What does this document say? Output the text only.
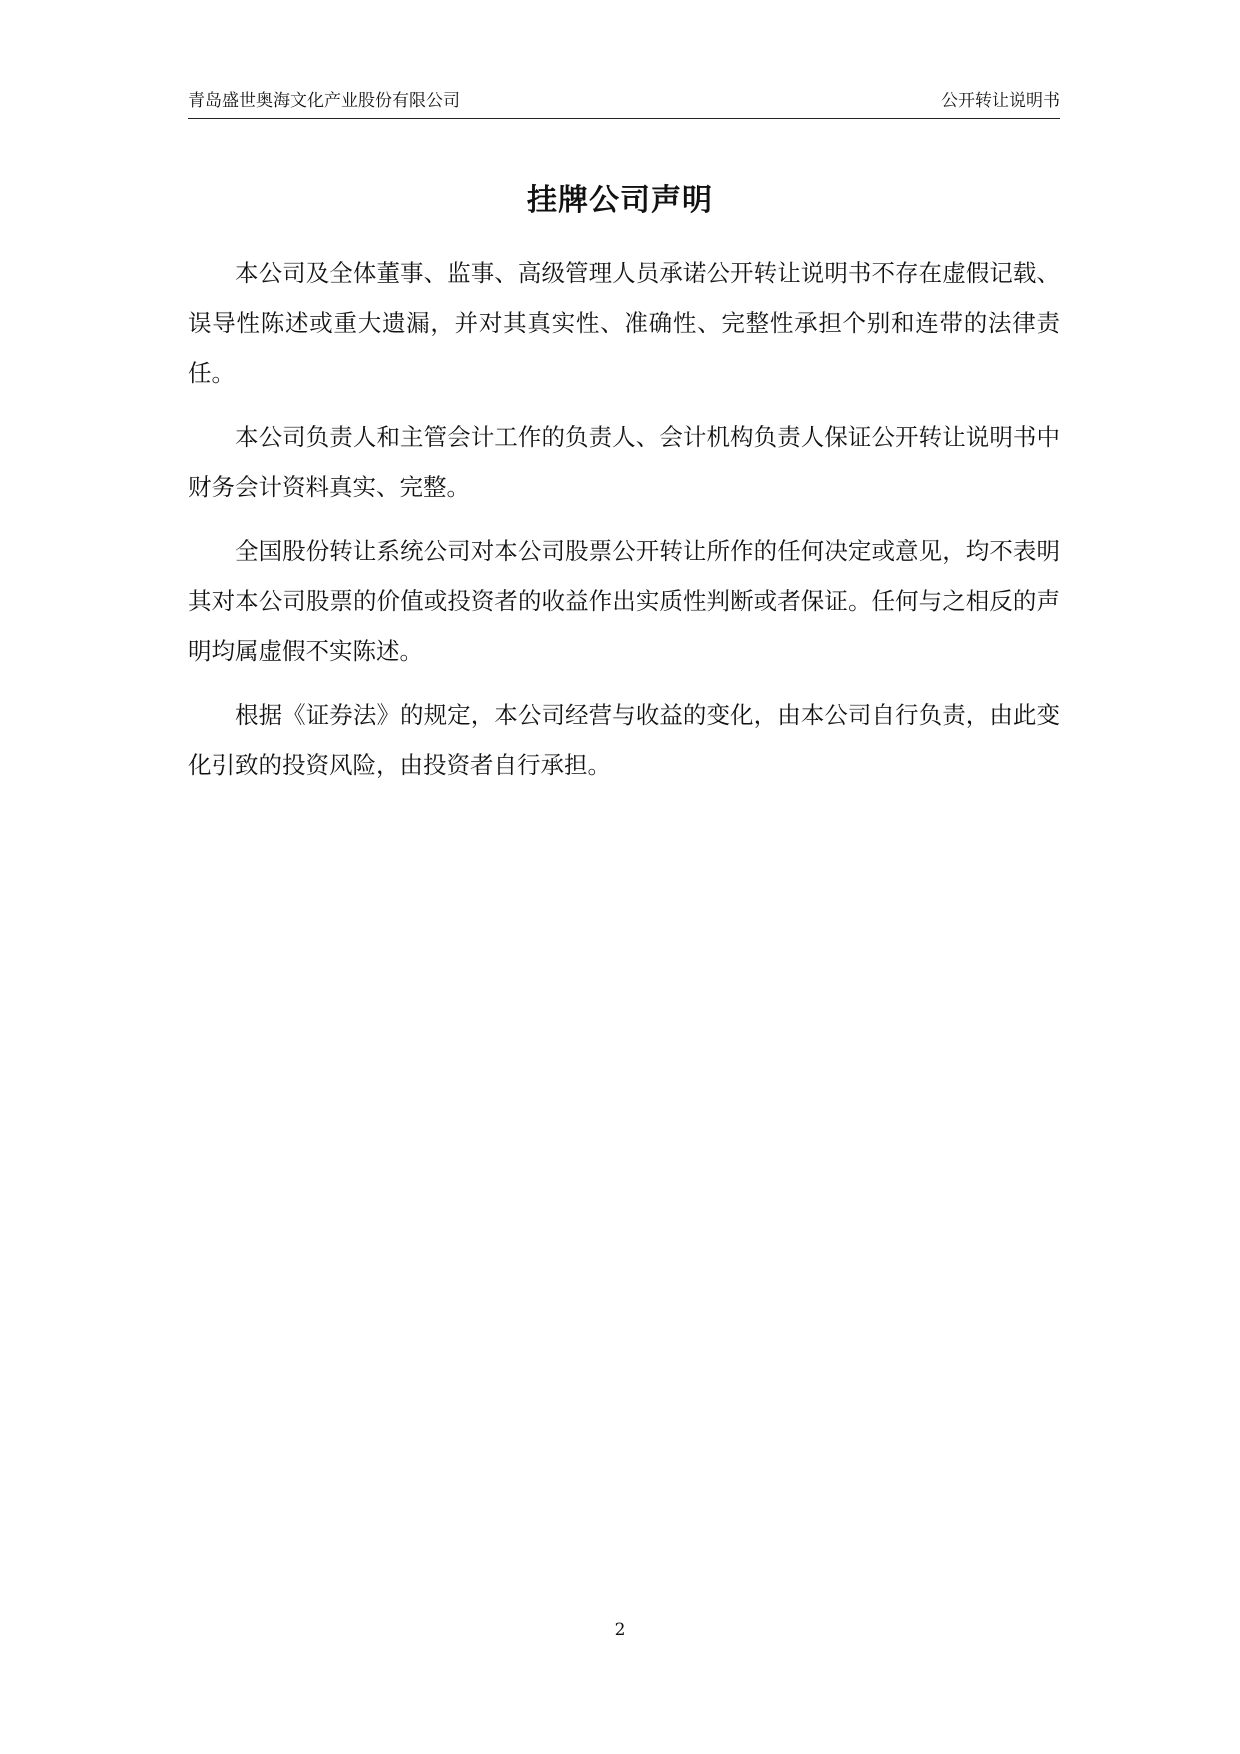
青岛盛世奥海文化产业股份有限公司	公开转让说明书
挂牌公司声明

本公司及全体董事、监事、高级管理人员承诺公开转让说明书不存在虚假记载、误导性陈述或重大遗漏，并对其真实性、准确性、完整性承担个别和连带的法律责任。

本公司负责人和主管会计工作的负责人、会计机构负责人保证公开转让说明书中财务会计资料真实、完整。

全国股份转让系统公司对本公司股票公开转让所作的任何决定或意见，均不表明其对本公司股票的价值或投资者的收益作出实质性判断或者保证。任何与之相反的声明均属虚假不实陈述。

根据《证券法》的规定，本公司经营与收益的变化，由本公司自行负责，由此变化引致的投资风险，由投资者自行承担。

2
